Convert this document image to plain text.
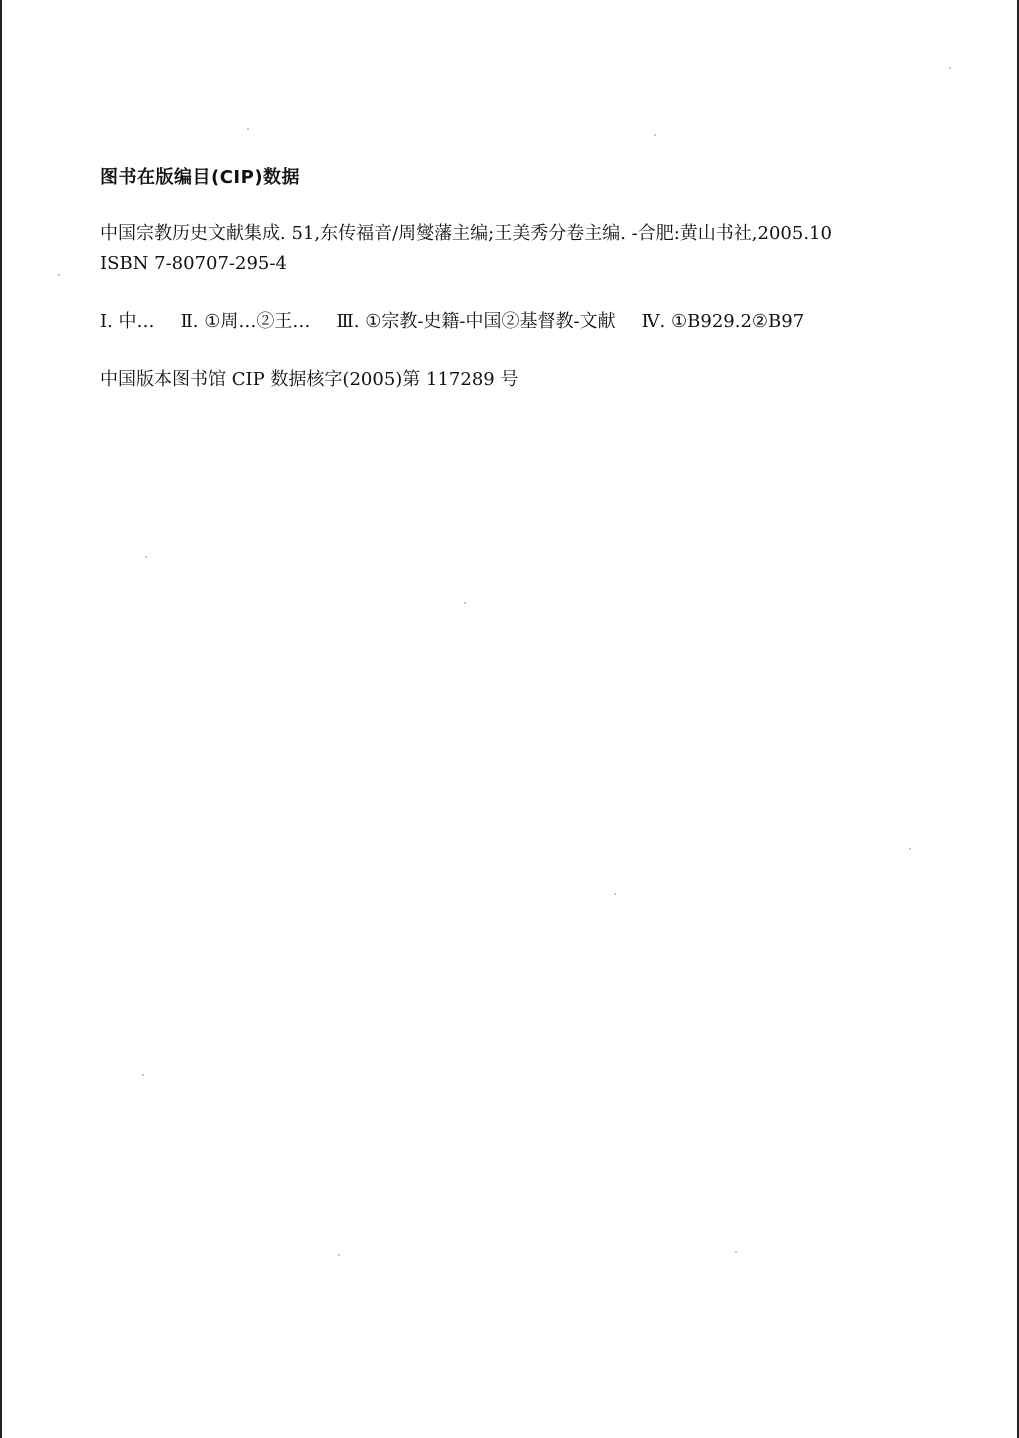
图书在版编目(CIP)数据

中国宗教历史文献集成. 51,东传福音/周燮藩主编;王美秀分卷主编. -合肥:黄山书社,2005.10

ISBN 7-80707-295-4

Ⅰ. 中… Ⅱ. ①周…②王… Ⅲ. ①宗教-史籍-中国②基督教-文献 Ⅳ. ①B929.2②B97

中国版本图书馆 CIP 数据核字(2005)第 117289 号
